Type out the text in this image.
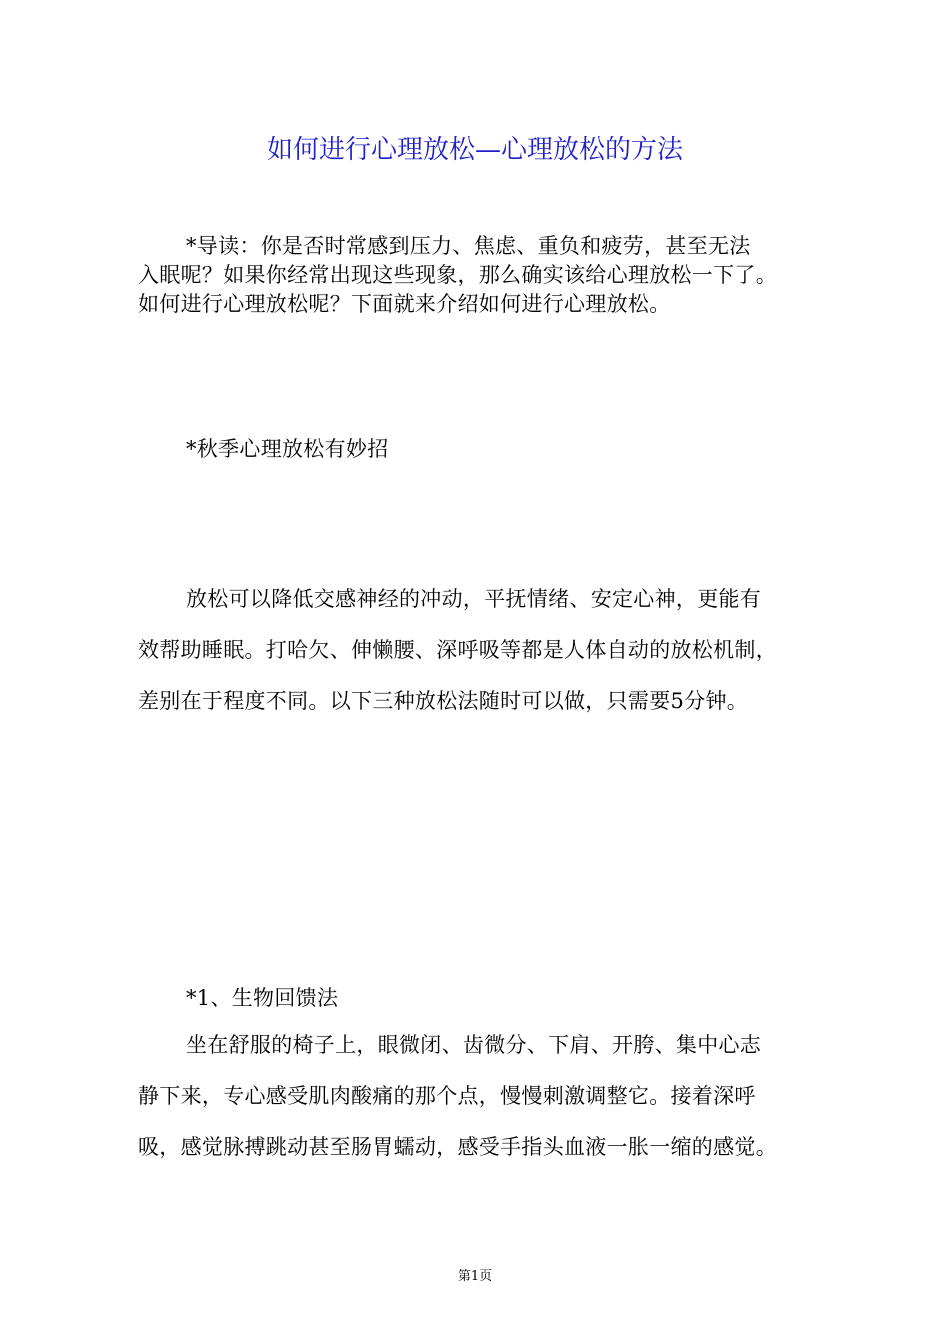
如何进行心理放松—心理放松的方法
*导读：你是否时常感到压力、焦虑、重负和疲劳，甚至无法
入眠呢？如果你经常出现这些现象，那么确实该给心理放松一下了。
如何进行心理放松呢？下面就来介绍如何进行心理放松。
*秋季心理放松有妙招
放松可以降低交感神经的冲动，平抚情绪、安定心神，更能有
效帮助睡眠。打哈欠、伸懒腰、深呼吸等都是人体自动的放松机制，
差别在于程度不同。以下三种放松法随时可以做，只需要5分钟。
*1、生物回馈法
坐在舒服的椅子上，眼微闭、齿微分、下肩、开胯、集中心志
静下来，专心感受肌肉酸痛的那个点，慢慢刺激调整它。接着深呼
吸，感觉脉搏跳动甚至肠胃蠕动，感受手指头血液一胀一缩的感觉。
第1页
